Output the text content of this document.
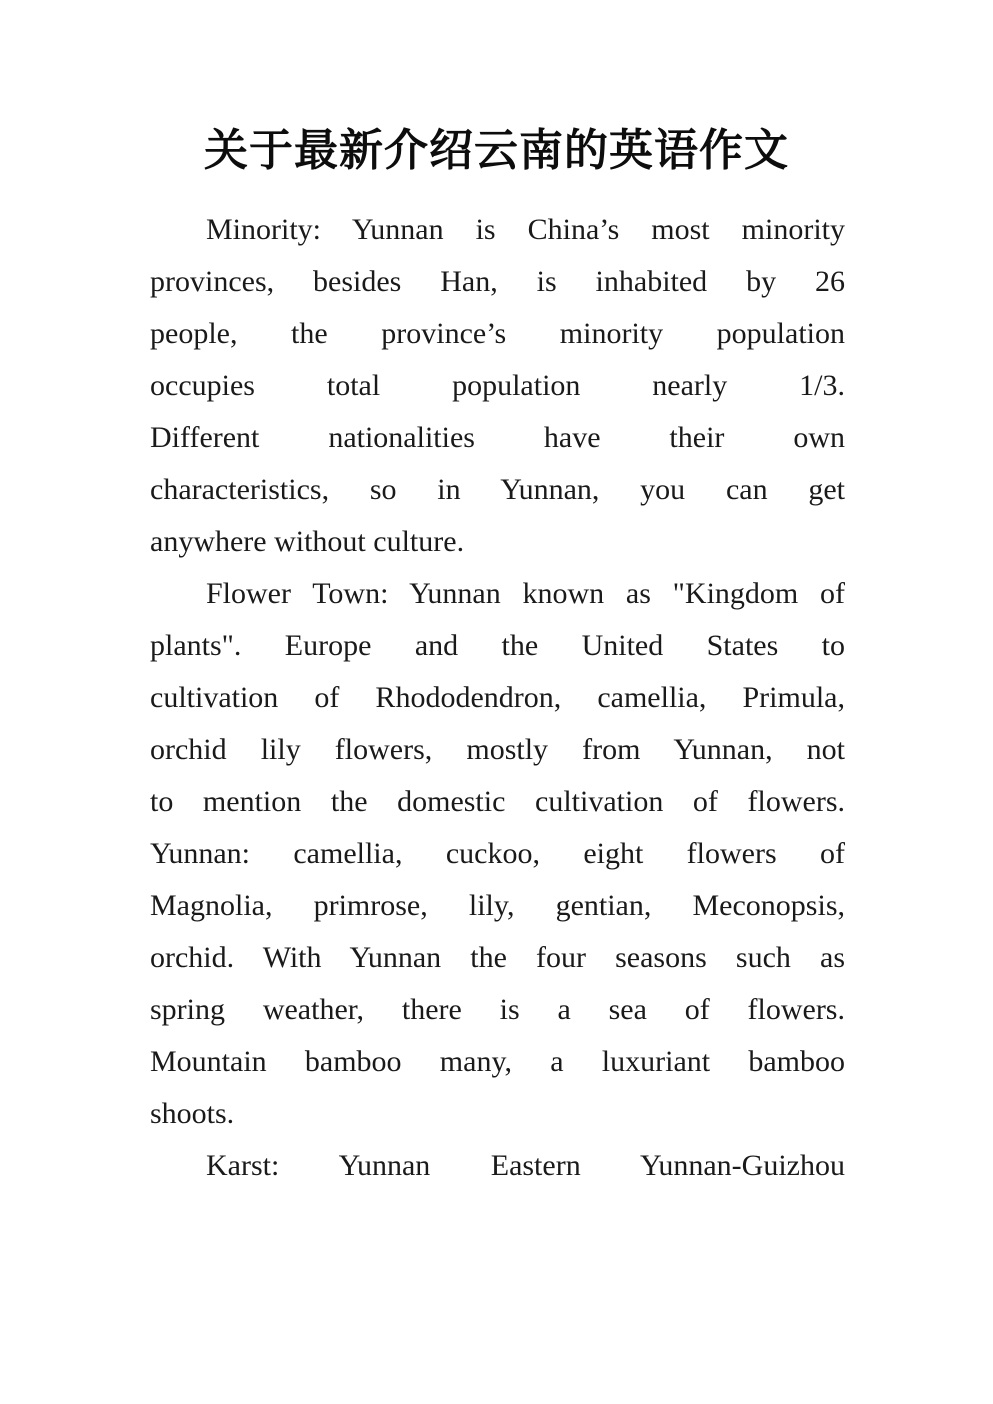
关于最新介绍云南的英语作文
Minority: Yunnan is China’s most minority
provinces, besides Han, is inhabited by 26
people, the province’s minority population
occupies total population nearly 1/3.
Different nationalities have their own
characteristics, so in Yunnan, you can get
anywhere without culture.
Flower Town: Yunnan known as "Kingdom of
plants". Europe and the United States to
cultivation of Rhododendron, camellia, Primula,
orchid lily flowers, mostly from Yunnan, not
to mention the domestic cultivation of flowers.
Yunnan: camellia, cuckoo, eight flowers of
Magnolia, primrose, lily, gentian, Meconopsis,
orchid. With Yunnan the four seasons such as
spring weather, there is a sea of flowers.
Mountain bamboo many, a luxuriant bamboo
shoots.
Karst: Yunnan Eastern Yunnan-Guizhou
